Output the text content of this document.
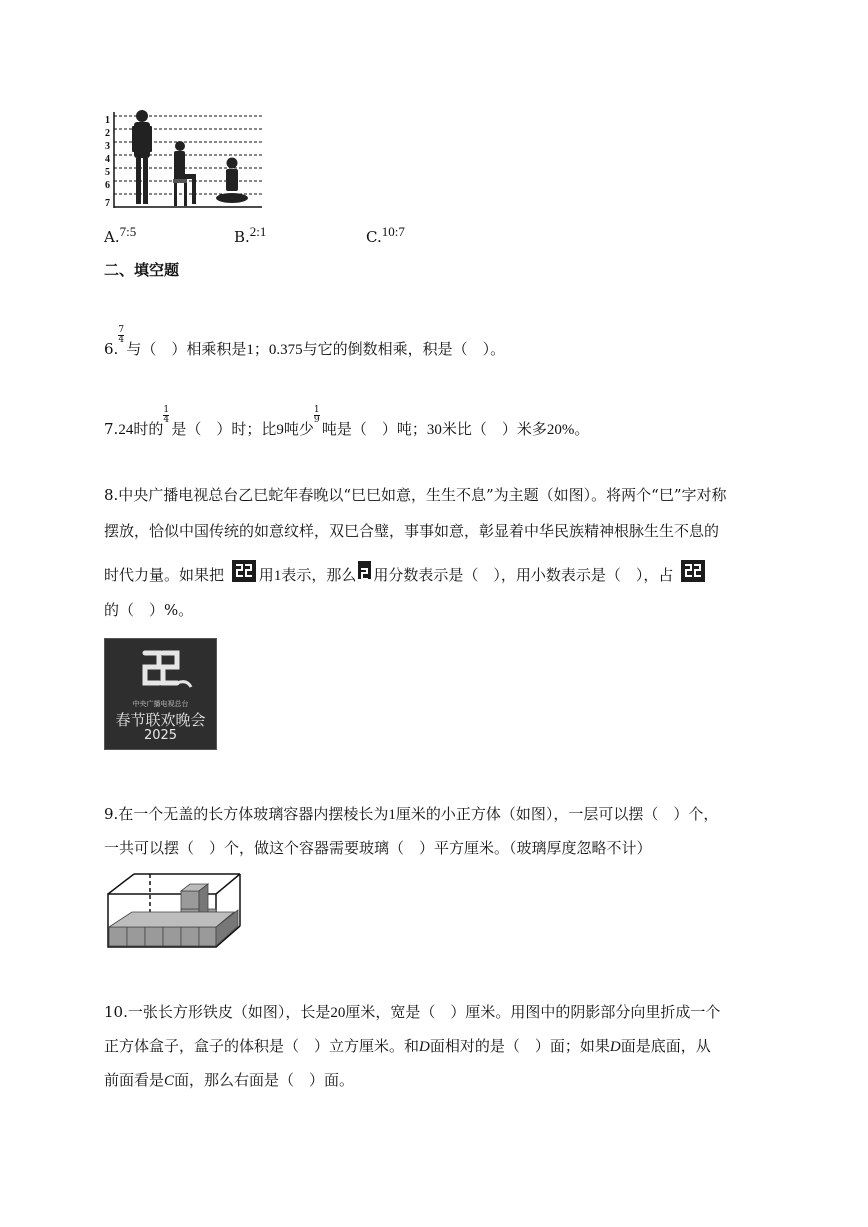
1
2
3
4
5
6
7
A.$^{7:5}$	B.$^{2:1}$	C.$^{10:7}$
二、填空题
6. $\frac{7}{4}$ 与（　）相乘积是1；0.375与它的倒数相乘，积是（　）。
7.24时的 $\frac{1}{4}$ 是（　）时；比9吨少 $\frac{1}{9}$ 吨是（　）吨；30米比（　）米多20%。
8.中央广播电视总台乙巳蛇年春晚以“巳巳如意，生生不息”为主题（如图）。将两个“巳”字对称
摆放，恰似中国传统的如意纹样，双巳合璧，事事如意，彰显着中华民族精神根脉生生不息的
时代力量。如果把 用1表示，那么 用分数表示是（　），用小数表示是（　），占
的（　）%。
中央广播电视总台
春节联欢晚会
2025
9.在一个无盖的长方体玻璃容器内摆棱长为1厘米的小正方体（如图），一层可以摆（　）个，
一共可以摆（　）个，做这个容器需要玻璃（　）平方厘米。（玻璃厚度忽略不计）
10.一张长方形铁皮（如图），长是20厘米，宽是（　）厘米。用图中的阴影部分向里折成一个
正方体盒子，盒子的体积是（　）立方厘米。和D面相对的是（　）面；如果D面是底面，从
前面看是C面，那么右面是（　）面。
